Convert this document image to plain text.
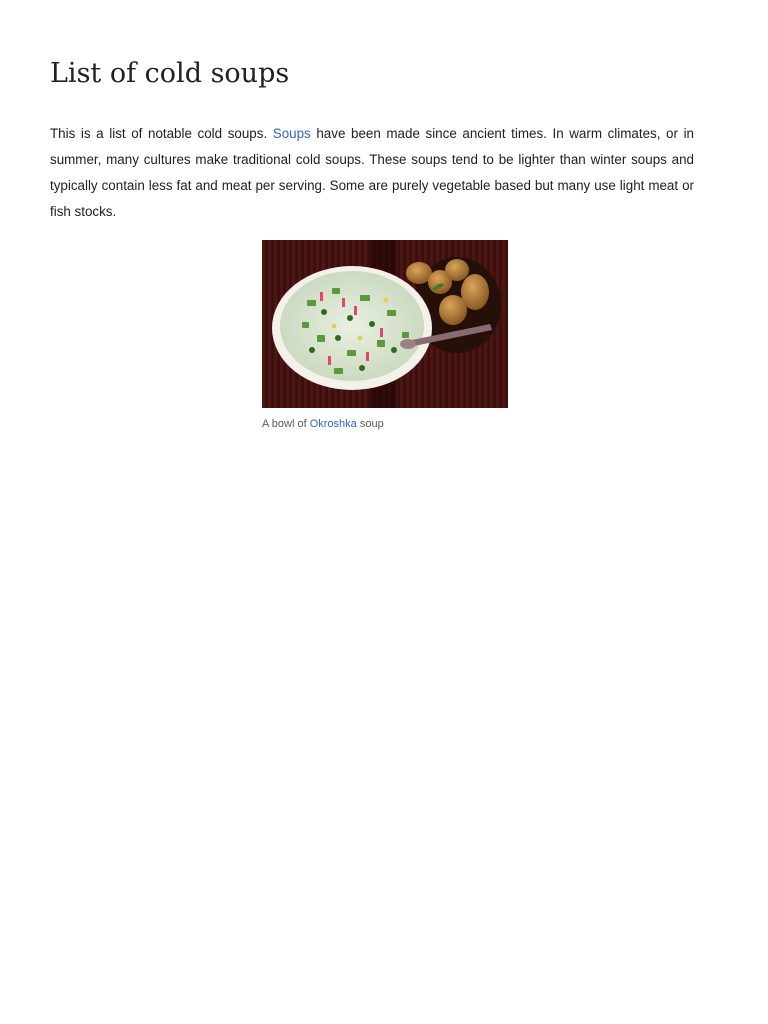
List of cold soups

This is a list of notable cold soups. Soups have been made since ancient times. In warm climates, or in summer, many cultures make traditional cold soups. These soups tend to be lighter than winter soups and typically contain less fat and meat per serving. Some are purely vegetable based but many use light meat or fish stocks.

A bowl of Okroshka soup
